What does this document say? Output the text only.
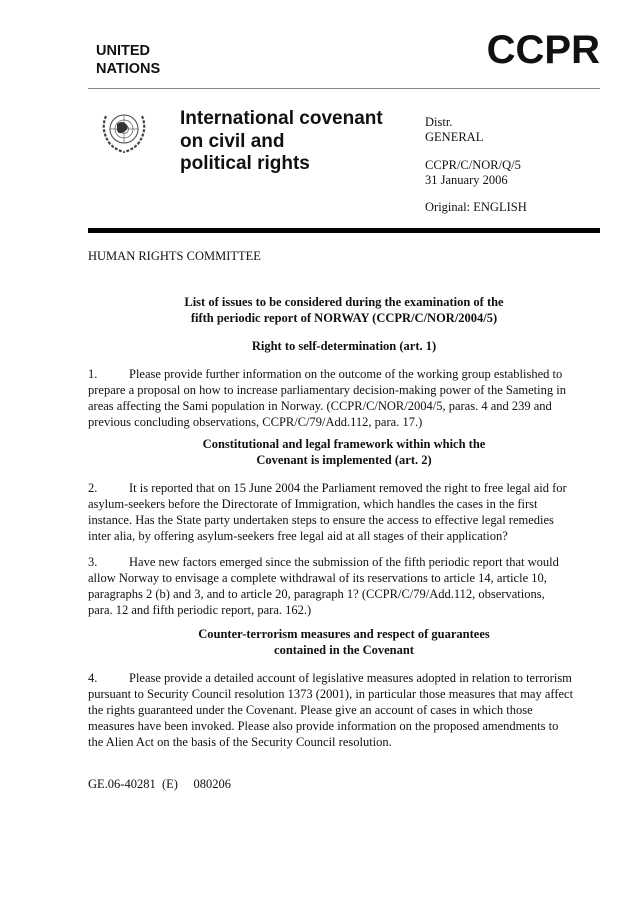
UNITED
NATIONS	CCPR
International covenant
on civil and
political rights
Distr.
GENERAL
CCPR/C/NOR/Q/5
31 January 2006
Original: ENGLISH
HUMAN RIGHTS COMMITTEE
List of issues to be considered during the examination of the
fifth periodic report of NORWAY (CCPR/C/NOR/2004/5)
Right to self-determination (art. 1)
1.	Please provide further information on the outcome of the working group established to
prepare a proposal on how to increase parliamentary decision-making power of the Sameting in
areas affecting the Sami population in Norway. (CCPR/C/NOR/2004/5, paras. 4 and 239 and
previous concluding observations, CCPR/C/79/Add.112, para. 17.)
Constitutional and legal framework within which the
Covenant is implemented (art. 2)
2.	It is reported that on 15 June 2004 the Parliament removed the right to free legal aid for
asylum-seekers before the Directorate of Immigration, which handles the cases in the first
instance. Has the State party undertaken steps to ensure the access to effective legal remedies
inter alia, by offering asylum-seekers free legal aid at all stages of their application?
3.	Have new factors emerged since the submission of the fifth periodic report that would
allow Norway to envisage a complete withdrawal of its reservations to article 14, article 10,
paragraphs 2 (b) and 3, and to article 20, paragraph 1? (CCPR/C/79/Add.112, observations,
para. 12 and fifth periodic report, para. 162.)
Counter-terrorism measures and respect of guarantees
contained in the Covenant
4.	Please provide a detailed account of legislative measures adopted in relation to terrorism
pursuant to Security Council resolution 1373 (2001), in particular those measures that may affect
the rights guaranteed under the Covenant. Please give an account of cases in which those
measures have been invoked. Please also provide information on the proposed amendments to
the Alien Act on the basis of the Security Council resolution.
GE.06-40281  (E)     080206
